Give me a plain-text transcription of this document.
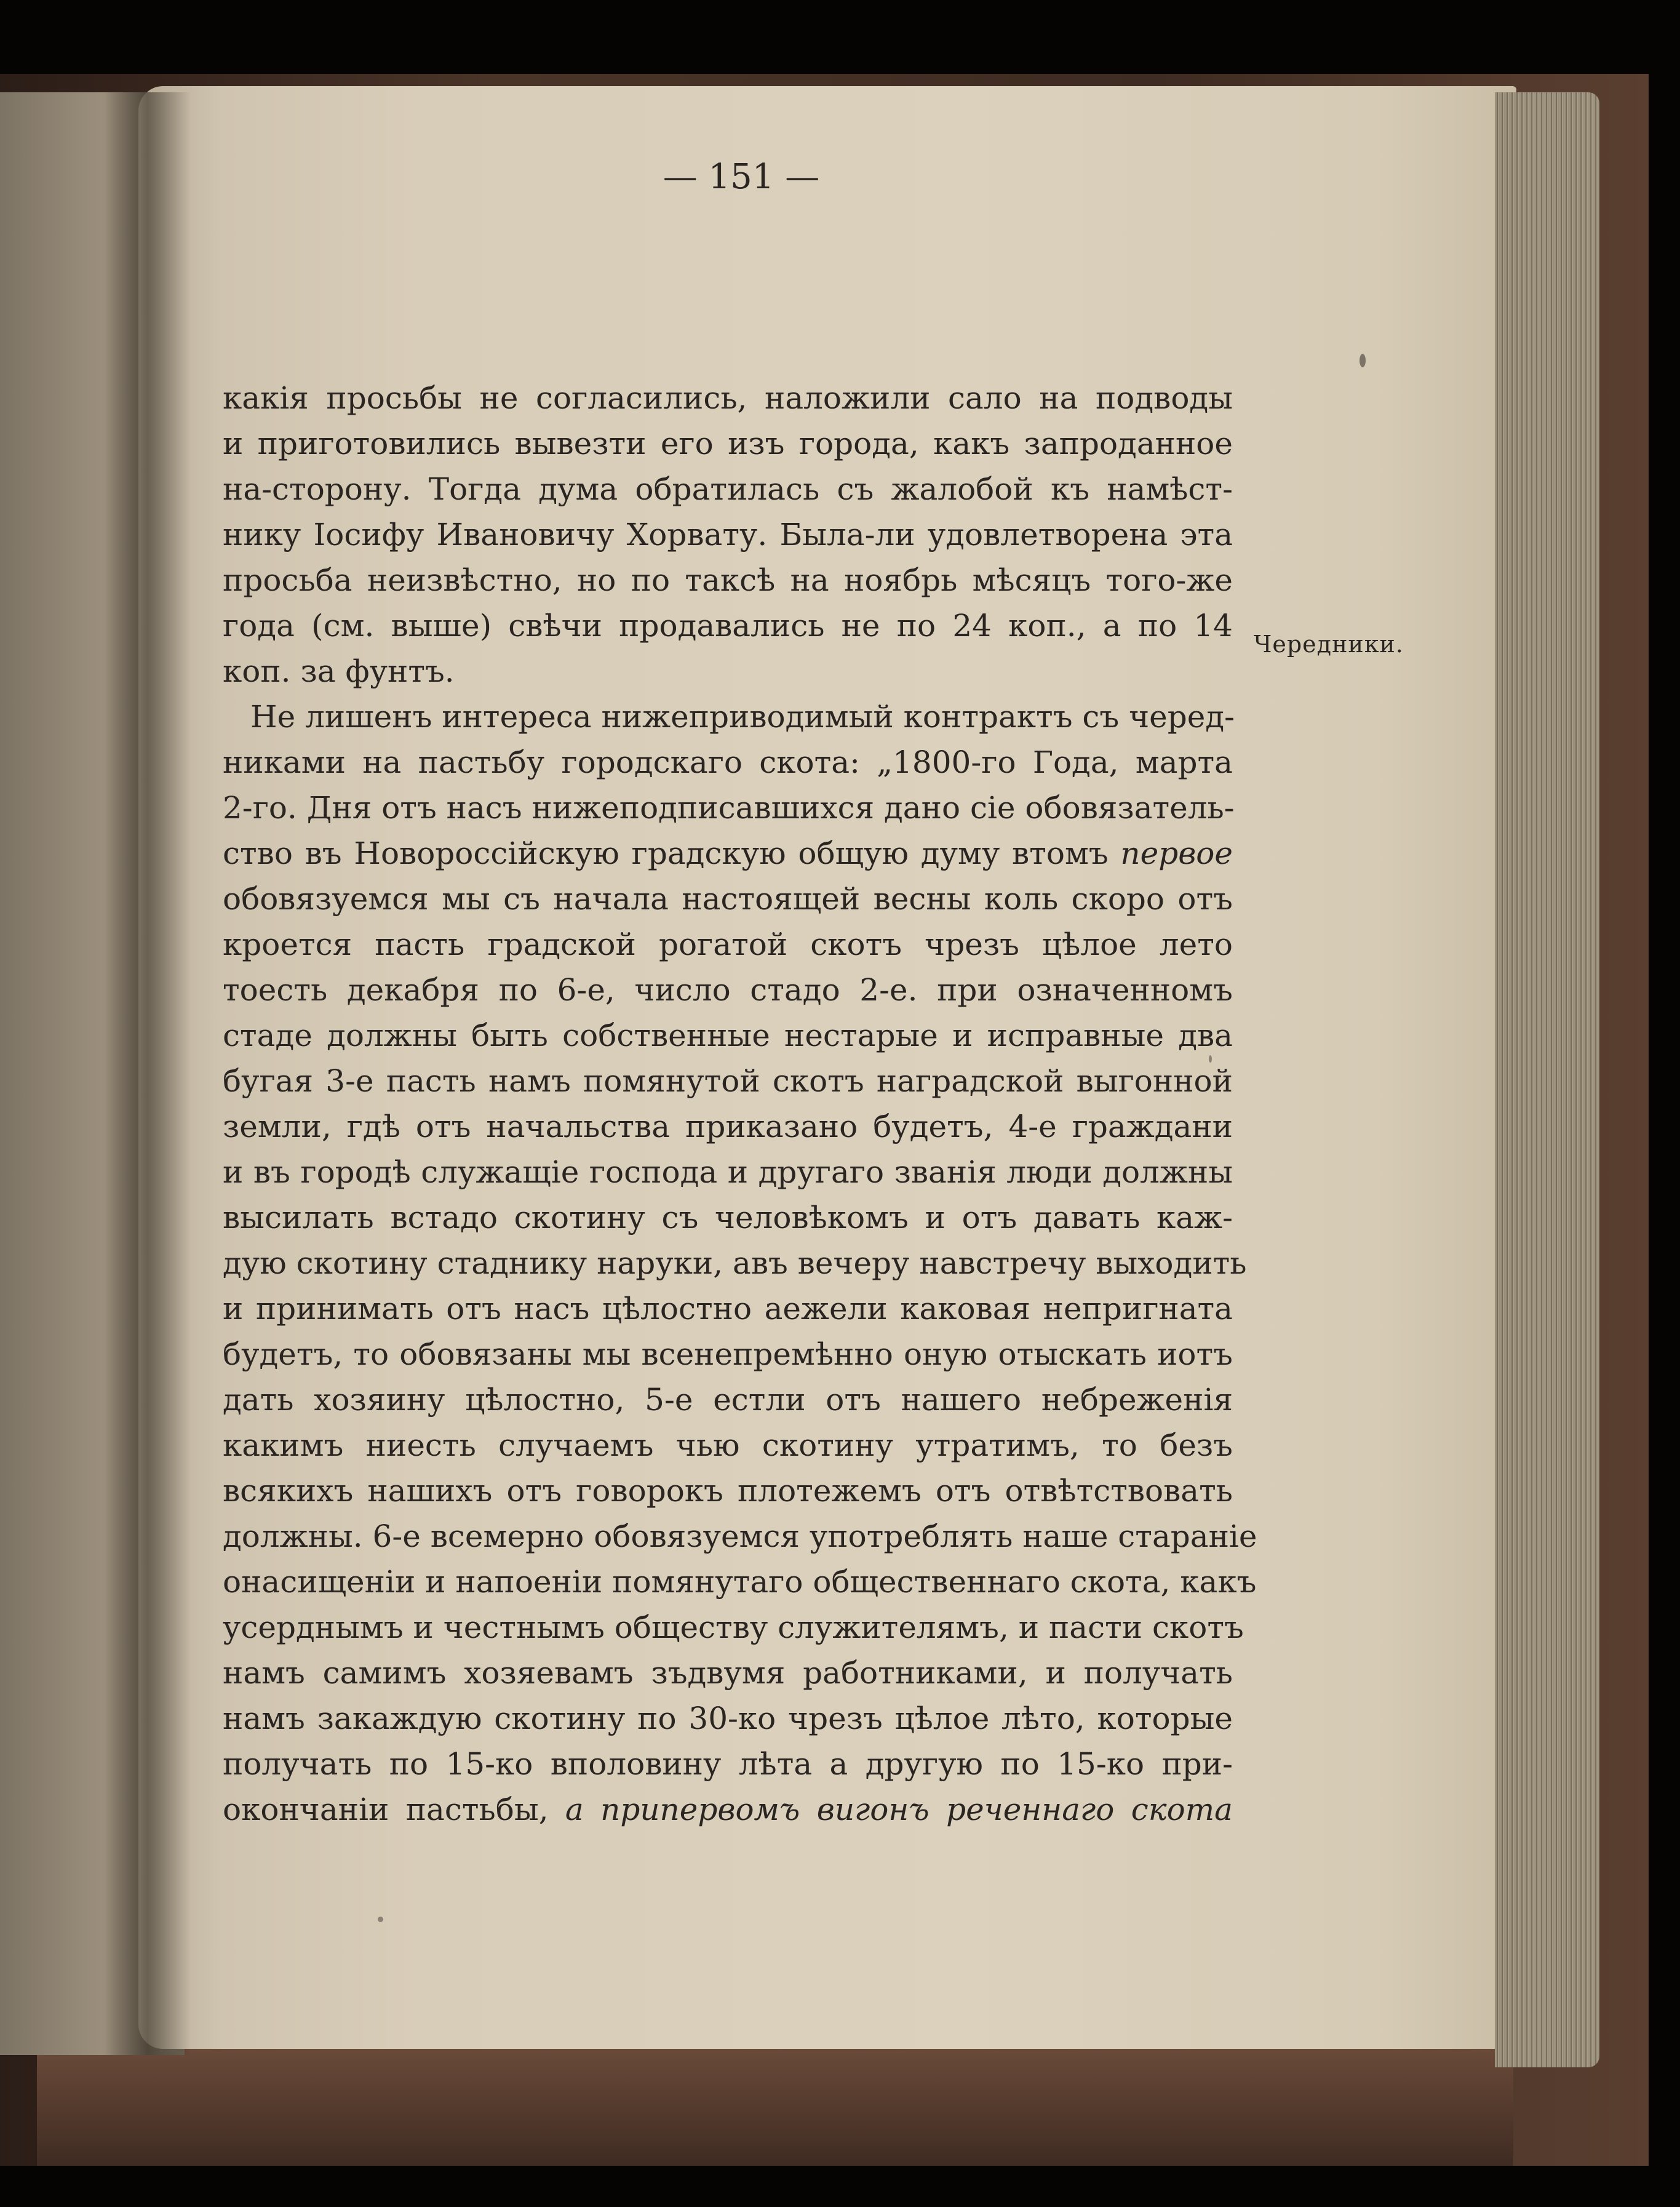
— 151 —
Чередники.
какія просьбы не согласились, наложили сало на подводы
и приготовились вывезти его изъ города, какъ запроданное
на-сторону. Тогда дума обратилась съ жалобой къ намѣст-
нику Іосифу Ивановичу Хорвату. Была-ли удовлетворена эта
просьба неизвѣстно, но по таксѣ на ноябрь мѣсяцъ того-же
года (см. выше) свѣчи продавались не по 24 коп., а по 14
коп. за фунтъ.
Не лишенъ интереса нижеприводимый контрактъ съ черед-
никами на пастьбу городскаго скота: „1800-го Года, марта
2-го. Дня отъ насъ нижеподписавшихся дано сіе обовязатель-
ство въ Новороссійскую градскую общую думу втомъ первое
обовязуемся мы съ начала настоящей весны коль скоро отъ
кроется пасть градской рогатой скотъ чрезъ цѣлое лето
тоесть декабря по 6-е, число стадо 2-е. при означенномъ
стаде должны быть собственные нестарые и исправные два
бугая 3-е пасть намъ помянутой скотъ наградской выгонной
земли, гдѣ отъ начальства приказано будетъ, 4-е граждани
и въ городѣ служащіе господа и другаго званія люди должны
высилать встадо скотину съ человѣкомъ и отъ давать каж-
дую скотину стаднику наруки, авъ вечеру навстречу выходить
и принимать отъ насъ цѣлостно аежели каковая непригната
будетъ, то обовязаны мы всенепремѣнно оную отыскать иотъ
дать хозяину цѣлостно, 5-е естли отъ нашего небреженія
какимъ ниесть случаемъ чью скотину утратимъ, то безъ
всякихъ нашихъ отъ говорокъ плотежемъ отъ отвѣтствовать
должны. 6-е всемерно обовязуемся употреблять наше стараніе
онасищеніи и напоеніи помянутаго общественнаго скота, какъ
усерднымъ и честнымъ обществу служителямъ, и пасти скотъ
намъ самимъ хозяевамъ зъдвумя работниками, и получать
намъ закаждую скотину по 30-ко чрезъ цѣлое лѣто, которые
получать по 15-ко вполовину лѣта а другую по 15-ко при-
окончаніи пастьбы, а припервомъ вигонъ реченнаго скота
